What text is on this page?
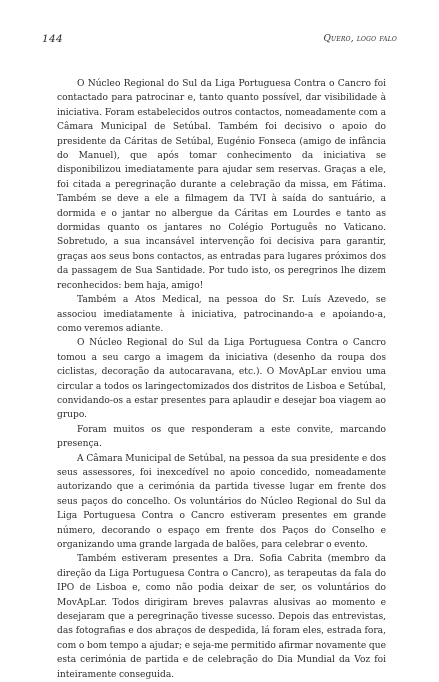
144	Quero, logo falo

O Núcleo Regional do Sul da Liga Portuguesa Contra o Cancro foi contactado para patrocinar e, tanto quanto possível, dar visibilidade à iniciativa. Foram estabelecidos outros contactos, nomeadamente com a Câmara Municipal de Setúbal. Também foi decisivo o apoio do presidente da Cáritas de Setúbal, Eugénio Fonseca (amigo de infância do Manuel), que após tomar conhecimento da iniciativa se disponibilizou imediatamente para ajudar sem reservas. Graças a ele, foi citada a peregrinação durante a celebração da missa, em Fátima. Também se deve a ele a filmagem da TVI à saída do santuário, a dormida e o jantar no albergue da Cáritas em Lourdes e tanto as dormidas quanto os jantares no Colégio Português no Vaticano. Sobretudo, a sua incansável intervenção foi decisiva para garantir, graças aos seus bons contactos, as entradas para lugares próximos dos da passagem de Sua Santidade. Por tudo isto, os peregrinos lhe dizem reconhecidos: bem haja, amigo!

Também a Atos Medical, na pessoa do Sr. Luís Azevedo, se associou imediatamente à iniciativa, patrocinando-a e apoiando-a, como veremos adiante.

O Núcleo Regional do Sul da Liga Portuguesa Contra o Cancro tomou a seu cargo a imagem da iniciativa (desenho da roupa dos ciclistas, decoração da autocaravana, etc.). O MovApLar enviou uma circular a todos os laringectomizados dos distritos de Lisboa e Setúbal, convidando-os a estar presentes para aplaudir e desejar boa viagem ao grupo.

Foram muitos os que responderam a este convite, marcando presença.

A Câmara Municipal de Setúbal, na pessoa da sua presidente e dos seus assessores, foi inexcedível no apoio concedido, nomeadamente autorizando que a cerimónia da partida tivesse lugar em frente dos seus paços do concelho. Os voluntários do Núcleo Regional do Sul da Liga Portuguesa Contra o Cancro estiveram presentes em grande número, decorando o espaço em frente dos Paços do Conselho e organizando uma grande largada de balões, para celebrar o evento.

Também estiveram presentes a Dra. Sofia Cabrita (membro da direção da Liga Portuguesa Contra o Cancro), as terapeutas da fala do IPO de Lisboa e, como não podia deixar de ser, os voluntários do MovApLar. Todos dirigiram breves palavras alusivas ao momento e desejaram que a peregrinação tivesse sucesso. Depois das entrevistas, das fotografias e dos abraços de despedida, lá foram eles, estrada fora, com o bom tempo a ajudar; e seja-me permitido afirmar novamente que esta cerimónia de partida e de celebração do Dia Mundial da Voz foi inteiramente conseguida.
